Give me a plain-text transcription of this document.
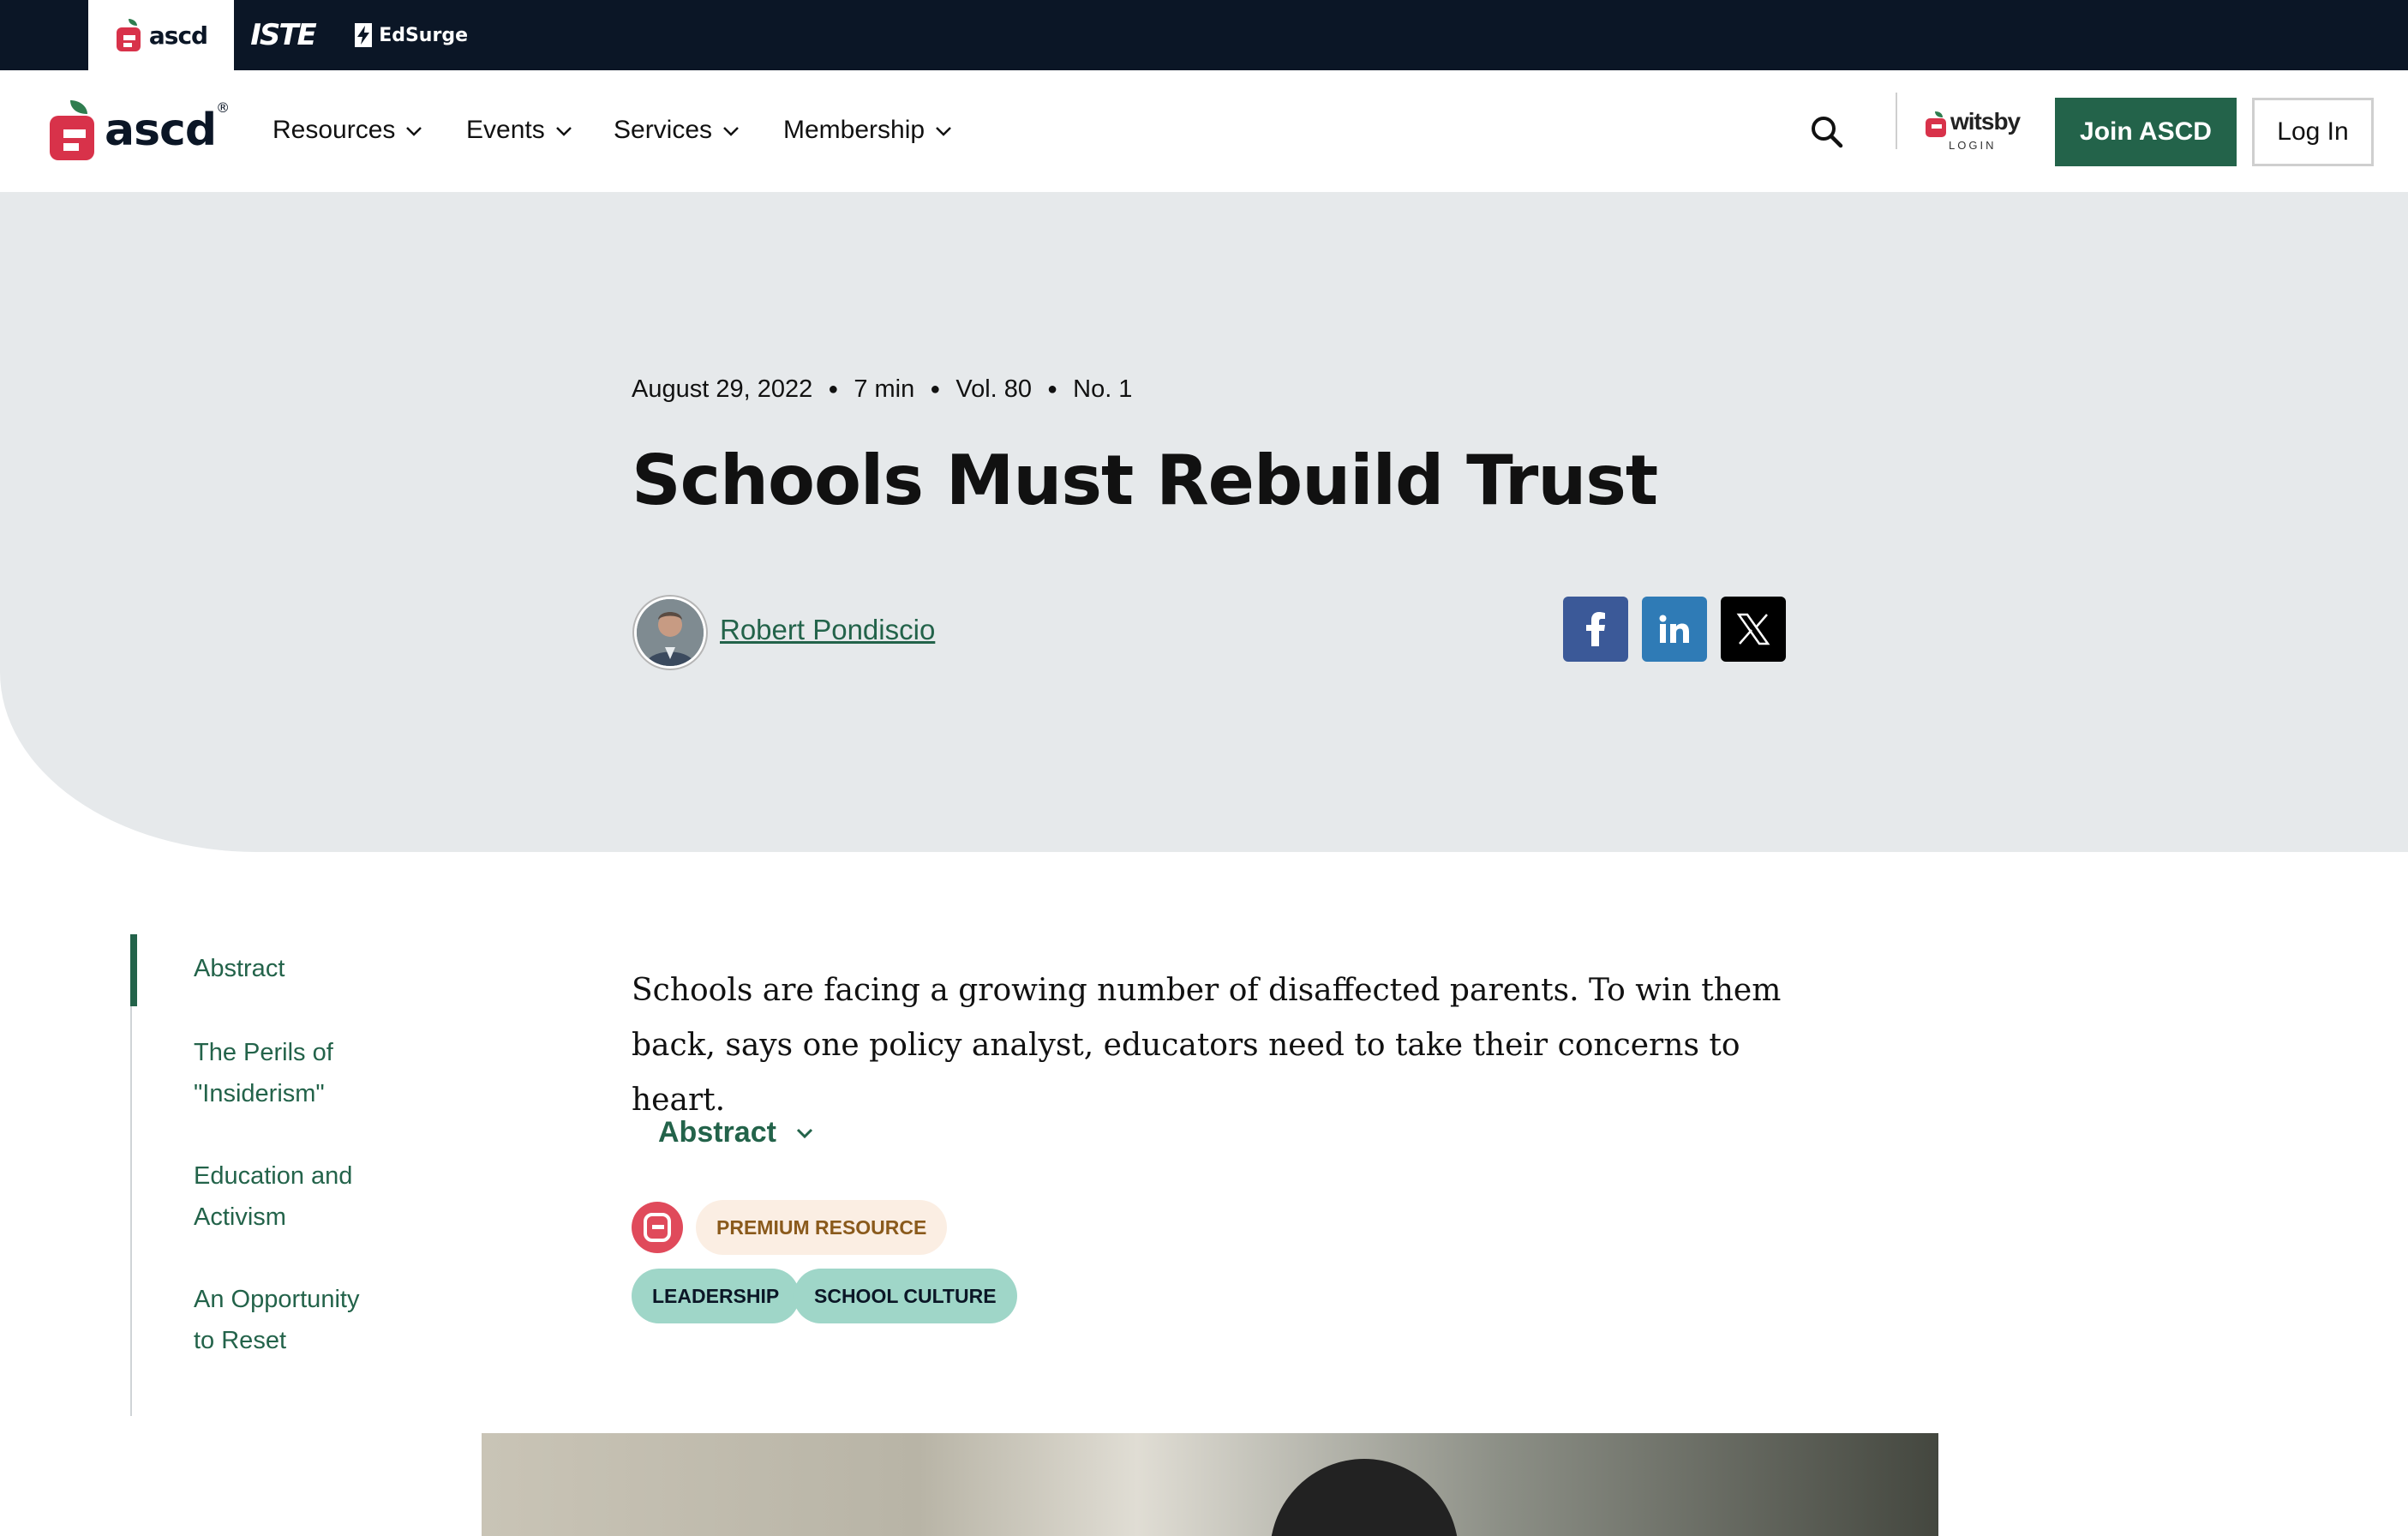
ascd ISTE	EdSurge
ascd®
Resources	Events	Services	Membership	witsby
LOGIN	Join ASCD	Log In
August 29, 2022 ● 7 min ● Vol. 80 ● No. 1
Schools Must Rebuild Trust
Robert Pondiscio
Abstract
The Perils of "Insiderism"
Education and Activism
An Opportunity to Reset

Schools are facing a growing number of disaffected parents. To win them back, says one policy analyst, educators need to take their concerns to heart.

Abstract
PREMIUM RESOURCE
LEADERSHIP	SCHOOL CULTURE
